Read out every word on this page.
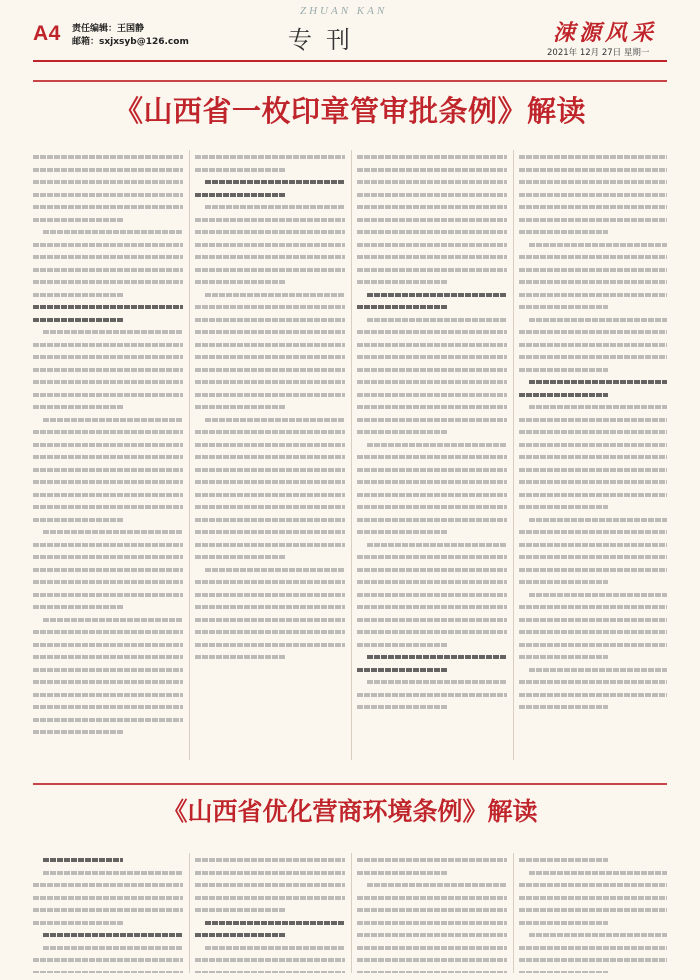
A4 责任编辑：王国静
邮箱：sxjxsyb@126.com
ZHUAN KAN
专刊	涑源风采
2021年 12月 27日 星期一
《山西省一枚印章管审批条例》解读
《山西省优化营商环境条例》解读
